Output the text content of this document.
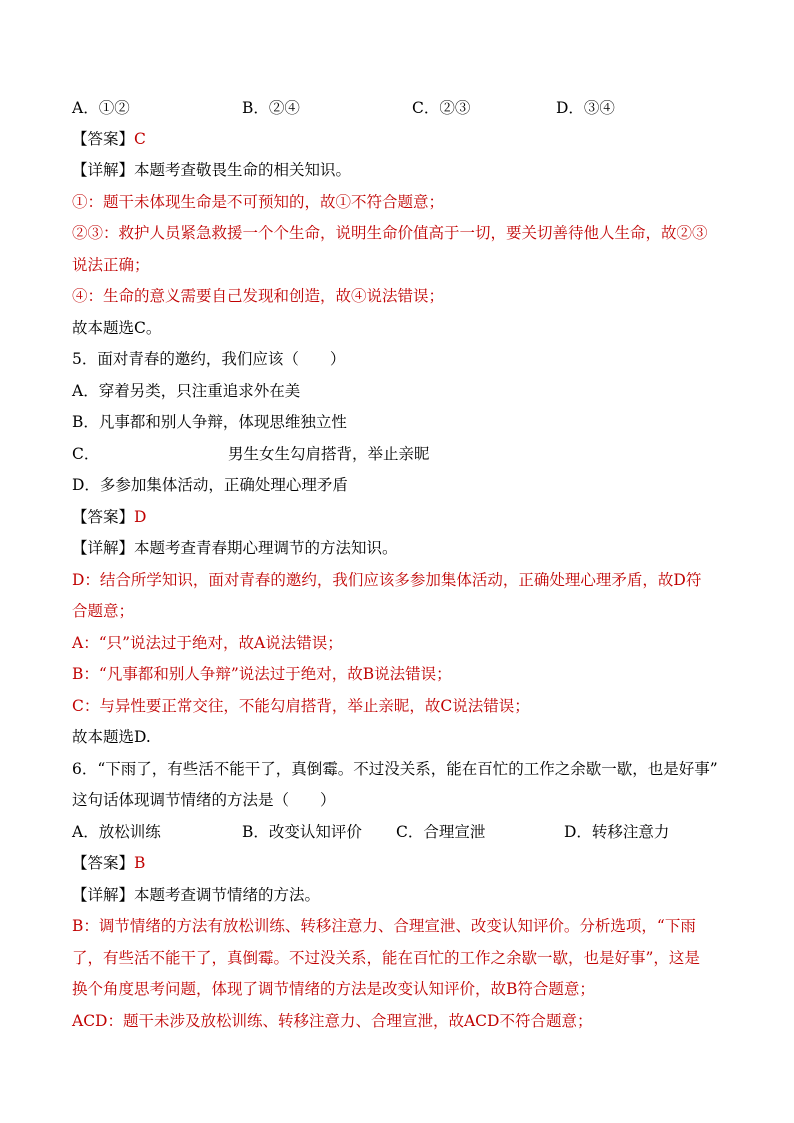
A．①②	B．②④	C．②③	D．③④
【答案】C
【详解】本题考查敬畏生命的相关知识。
①：题干未体现生命是不可预知的，故①不符合题意；
②③：救护人员紧急救援一个个生命，说明生命价值高于一切，要关切善待他人生命，故②③
说法正确；
④：生命的意义需要自己发现和创造，故④说法错误；
故本题选C。
5．面对青春的邀约，我们应该（　　）
A．穿着另类，只注重追求外在美
B．凡事都和别人争辩，体现思维独立性
C．	男生女生勾肩搭背，举止亲昵
D．多参加集体活动，正确处理心理矛盾
【答案】D
【详解】本题考查青春期心理调节的方法知识。
D：结合所学知识，面对青春的邀约，我们应该多参加集体活动，正确处理心理矛盾，故D符
合题意；
A：“只”说法过于绝对，故A说法错误；
B：“凡事都和别人争辩”说法过于绝对，故B说法错误；
C：与异性要正常交往，不能勾肩搭背，举止亲昵，故C说法错误；
故本题选D.
6．“下雨了，有些活不能干了，真倒霉。不过没关系，能在百忙的工作之余歇一歇，也是好事”
这句话体现调节情绪的方法是（　　）
A．放松训练	B．改变认知评价 C．合理宣泄	D．转移注意力
【答案】B
【详解】本题考查调节情绪的方法。
B：调节情绪的方法有放松训练、转移注意力、合理宣泄、改变认知评价。分析选项，“下雨
了，有些活不能干了，真倒霉。不过没关系，能在百忙的工作之余歇一歇，也是好事”，这是
换个角度思考问题，体现了调节情绪的方法是改变认知评价，故B符合题意；
ACD：题干未涉及放松训练、转移注意力、合理宣泄，故ACD不符合题意；
